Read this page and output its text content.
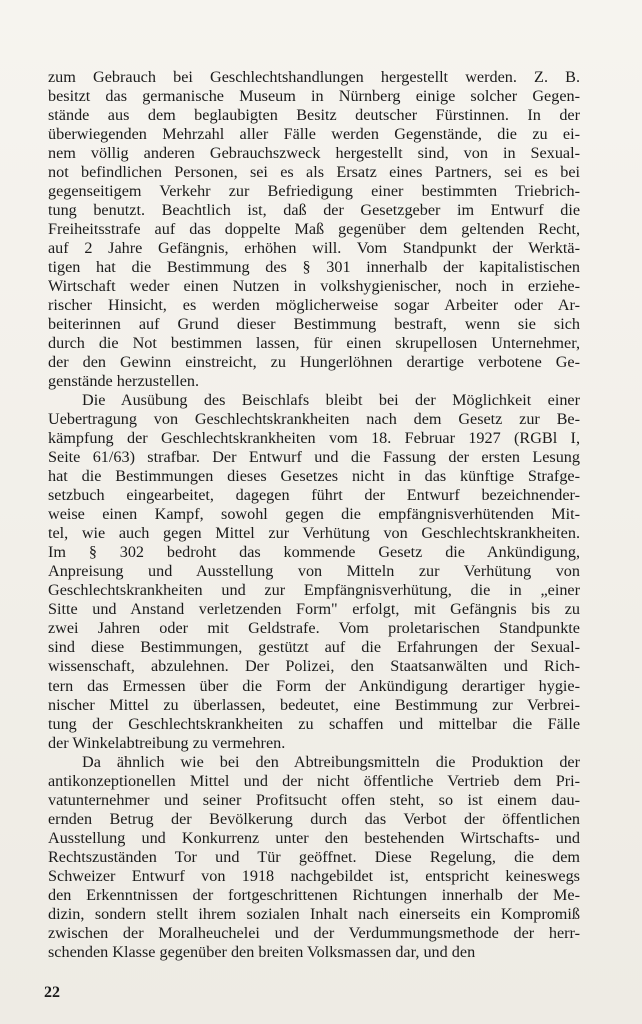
zum Gebrauch bei Geschlechtshandlungen hergestellt werden. Z. B.
besitzt das germanische Museum in Nürnberg einige solcher Gegen-
stände aus dem beglaubigten Besitz deutscher Fürstinnen. In der
überwiegenden Mehrzahl aller Fälle werden Gegenstände, die zu ei-
nem völlig anderen Gebrauchszweck hergestellt sind, von in Sexual-
not befindlichen Personen, sei es als Ersatz eines Partners, sei es bei
gegenseitigem Verkehr zur Befriedigung einer bestimmten Triebrich-
tung benutzt. Beachtlich ist, daß der Gesetzgeber im Entwurf die
Freiheitsstrafe auf das doppelte Maß gegenüber dem geltenden Recht,
auf 2 Jahre Gefängnis, erhöhen will. Vom Standpunkt der Werktä-
tigen hat die Bestimmung des § 301 innerhalb der kapitalistischen
Wirtschaft weder einen Nutzen in volkshygienischer, noch in erziehe-
rischer Hinsicht, es werden möglicherweise sogar Arbeiter oder Ar-
beiterinnen auf Grund dieser Bestimmung bestraft, wenn sie sich
durch die Not bestimmen lassen, für einen skrupellosen Unternehmer,
der den Gewinn einstreicht, zu Hungerlöhnen derartige verbotene Ge-
genstände herzustellen.
Die Ausübung des Beischlafs bleibt bei der Möglichkeit einer
Uebertragung von Geschlechtskrankheiten nach dem Gesetz zur Be-
kämpfung der Geschlechtskrankheiten vom 18. Februar 1927 (RGBl I,
Seite 61/63) strafbar. Der Entwurf und die Fassung der ersten Lesung
hat die Bestimmungen dieses Gesetzes nicht in das künftige Strafge-
setzbuch eingearbeitet, dagegen führt der Entwurf bezeichnender-
weise einen Kampf, sowohl gegen die empfängnisverhütenden Mit-
tel, wie auch gegen Mittel zur Verhütung von Geschlechtskrankheiten.
Im § 302 bedroht das kommende Gesetz die Ankündigung,
Anpreisung und Ausstellung von Mitteln zur Verhütung von
Geschlechtskrankheiten und zur Empfängnisverhütung, die in „einer
Sitte und Anstand verletzenden Form" erfolgt, mit Gefängnis bis zu
zwei Jahren oder mit Geldstrafe. Vom proletarischen Standpunkte
sind diese Bestimmungen, gestützt auf die Erfahrungen der Sexual-
wissenschaft, abzulehnen. Der Polizei, den Staatsanwälten und Rich-
tern das Ermessen über die Form der Ankündigung derartiger hygie-
nischer Mittel zu überlassen, bedeutet, eine Bestimmung zur Verbrei-
tung der Geschlechtskrankheiten zu schaffen und mittelbar die Fälle
der Winkelabtreibung zu vermehren.
Da ähnlich wie bei den Abtreibungsmitteln die Produktion der
antikonzeptionellen Mittel und der nicht öffentliche Vertrieb dem Pri-
vatunternehmer und seiner Profitsucht offen steht, so ist einem dau-
ernden Betrug der Bevölkerung durch das Verbot der öffentlichen
Ausstellung und Konkurrenz unter den bestehenden Wirtschafts- und
Rechtszuständen Tor und Tür geöffnet. Diese Regelung, die dem
Schweizer Entwurf von 1918 nachgebildet ist, entspricht keineswegs
den Erkenntnissen der fortgeschrittenen Richtungen innerhalb der Me-
dizin, sondern stellt ihrem sozialen Inhalt nach einerseits ein Kompromiß
zwischen der Moralheuchelei und der Verdummungsmethode der herr-
schenden Klasse gegenüber den breiten Volksmassen dar, und den
22
